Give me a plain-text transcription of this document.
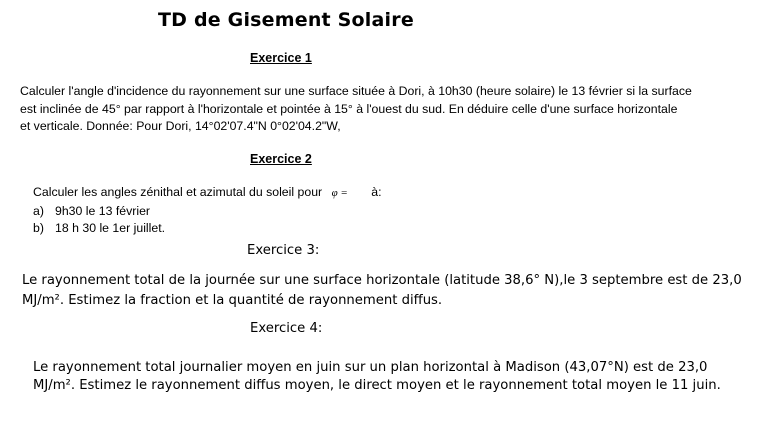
TD de Gisement Solaire
Exercice 1
Calculer l'angle d'incidence du rayonnement sur une surface située à Dori, à 10h30 (heure solaire) le 13 février si la surface
est inclinée de 45° par rapport à l'horizontale et pointée à 15° à l'ouest du sud. En déduire celle d'une surface horizontale
et verticale. Donnée: Pour Dori, 14°02'07.4"N 0°02'04.2"W,
Exercice 2
Calculer les angles zénithal et azimutal du soleil pour φ = à:
a) 9h30 le 13 février
b) 18 h 30 le 1er juillet.
Exercice 3:
Le rayonnement total de la journée sur une surface horizontale (latitude 38,6° N),le 3 septembre est de 23,0
MJ/m². Estimez la fraction et la quantité de rayonnement diffus.
Exercice 4:
Le rayonnement total journalier moyen en juin sur un plan horizontal à Madison (43,07°N) est de 23,0
MJ/m². Estimez le rayonnement diffus moyen, le direct moyen et le rayonnement total moyen le 11 juin.
